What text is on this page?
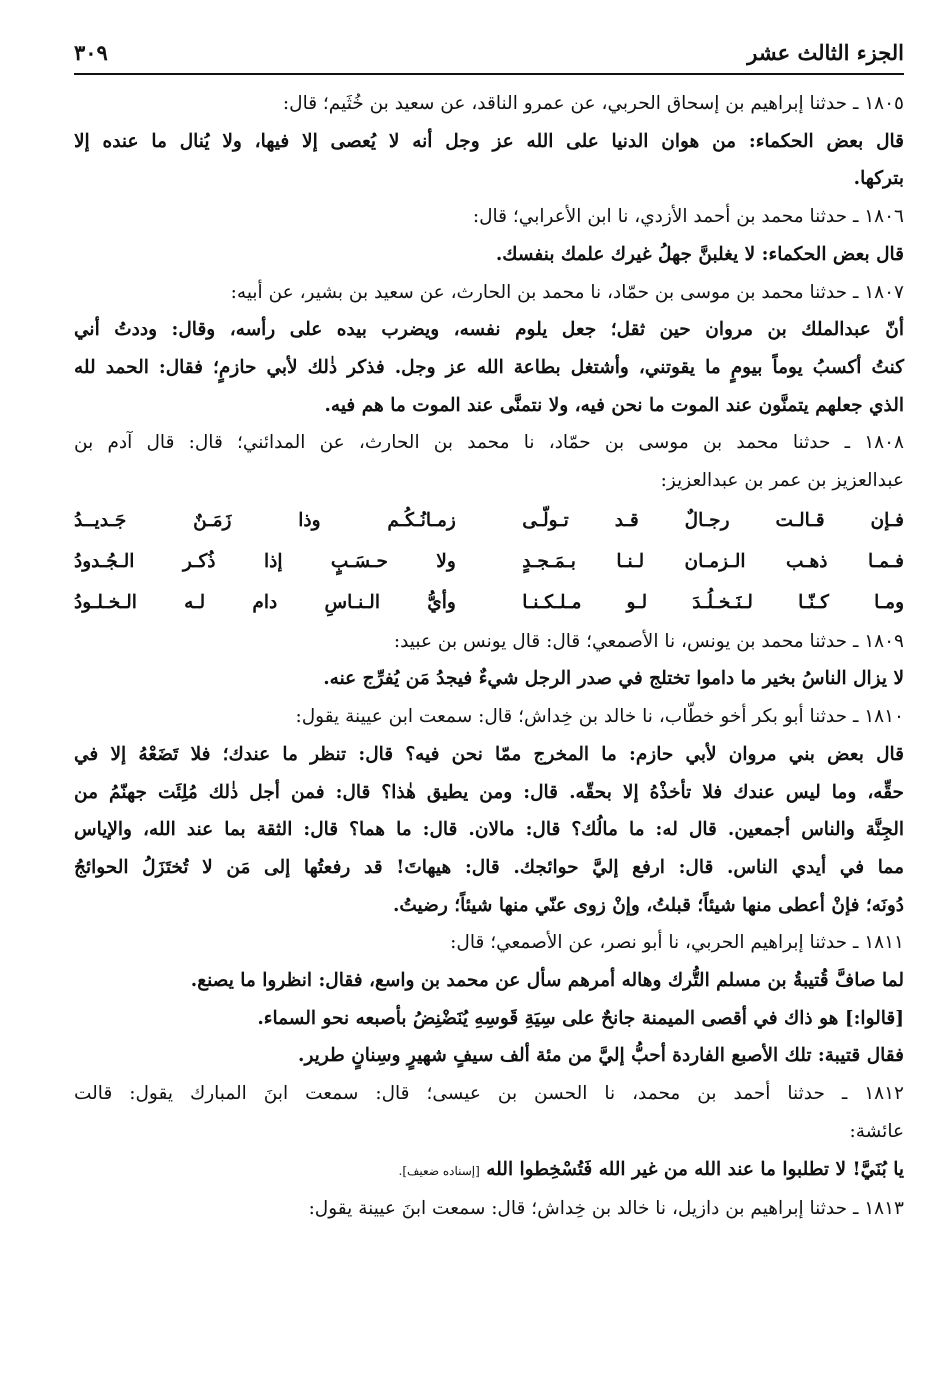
الجزء الثالث عشر
٣٠٩
١٨٠٥ ـ حدثنا إبراهيم بن إسحاق الحربي، عن عمرو الناقد، عن سعيد بن خُثَيم؛ قال:
قال بعض الحكماء: من هوان الدنيا على الله عز وجل أنه لا يُعصى إلا فيها، ولا يُنال ما عنده إلا
بتركها.
١٨٠٦ ـ حدثنا محمد بن أحمد الأزدي، نا ابن الأعرابي؛ قال:
قال بعض الحكماء: لا يغلبنَّ جهلُ غيرك علمك بنفسك.
١٨٠٧ ـ حدثنا محمد بن موسى بن حمّاد، نا محمد بن الحارث، عن سعيد بن بشير، عن أبيه:
أنّ عبدالملك بن مروان حين ثقل؛ جعل يلوم نفسه، ويضرب بيده على رأسه، وقال: وددتُ أني
كنتُ أكسبُ يوماً بيومٍ ما يقوتني، وأشتغل بطاعة الله عز وجل. فذكر ذٰلك لأبي حازمٍ؛ فقال: الحمد لله
الذي جعلهم يتمنَّون عند الموت ما نحن فيه، ولا نتمنَّى عند الموت ما هم فيه.
١٨٠٨ ـ حدثنا محمد بن موسى بن حمّاد، نا محمد بن الحارث، عن المدائني؛ قال: قال آدم بن
عبدالعزيز بن عمر بن عبدالعزيز:
فـإن قـالـت رجـالٌ قـد تـولّـى
زمـانُـكُـم وذا زَمَـنٌ جَـديــدُ
فـمـا ذهـب الـزمـان لـنـا بـمَـجـدٍ
ولا حـسَـبٍ إذا ذُكـر الـجُـدودُ
ومـا كـنّـا لـنَـخـلُـدَ لـو مـلـكـنـا
وأيُّ الـنـاسِ دام لـه الـخـلـودُ
١٨٠٩ ـ حدثنا محمد بن يونس، نا الأصمعي؛ قال: قال يونس بن عبيد:
لا يزال الناسُ بخير ما داموا تختلج في صدر الرجل شيءٌ فيجدُ مَن يُفرِّج عنه.
١٨١٠ ـ حدثنا أبو بكر أخو خطّاب، نا خالد بن خِداش؛ قال: سمعت ابن عيينة يقول:
قال بعض بني مروان لأبي حازم: ما المخرج ممّا نحن فيه؟ قال: تنظر ما عندك؛ فلا تَضَعْهُ إلا في
حقِّه، وما ليس عندك فلا تأخذْهُ إلا بحقّه. قال: ومن يطيق هٰذا؟ قال: فمن أجل ذٰلك مُلِئَت جهنّمُ من
الجِنَّة والناس أجمعين. قال له: ما مالُك؟ قال: مالان. قال: ما هما؟ قال: الثقة بما عند الله، والإياس
مما في أيدي الناس. قال: ارفع إليَّ حوائجك. قال: هيهاتَ! قد رفعتُها إلى مَن لا تُختَزَلُ الحوائجُ
دُونَه؛ فإنْ أعطى منها شيئاً؛ قبلتُ، وإنْ زوى عنّي منها شيئاً؛ رضيتُ.
١٨١١ ـ حدثنا إبراهيم الحربي، نا أبو نصر، عن الأصمعي؛ قال:
لما صافَّ قُتيبةُ بن مسلم التُّرك وهاله أمرهم سأل عن محمد بن واسع، فقال: انظروا ما يصنع.
[قالوا:] هو ذاك في أقصى الميمنة جانحٌ على سِيَةِ قَوسِهِ يُنَضْنِضُ بأصبعه نحو السماء.
فقال قتيبة: تلك الأصبع الفاردة أحبُّ إليَّ من مئة ألف سيفٍ شهيرٍ وسِنانٍ طرير.
١٨١٢ ـ حدثنا أحمد بن محمد، نا الحسن بن عيسى؛ قال: سمعت ابنَ المبارك يقول: قالت
عائشة:
يا بُنَيَّ! لا تطلبوا ما عند الله من غير الله فَتُسْخِطوا الله [إسناده ضعيف].
١٨١٣ ـ حدثنا إبراهيم بن دازيل، نا خالد بن خِداش؛ قال: سمعت ابنَ عيينة يقول:
